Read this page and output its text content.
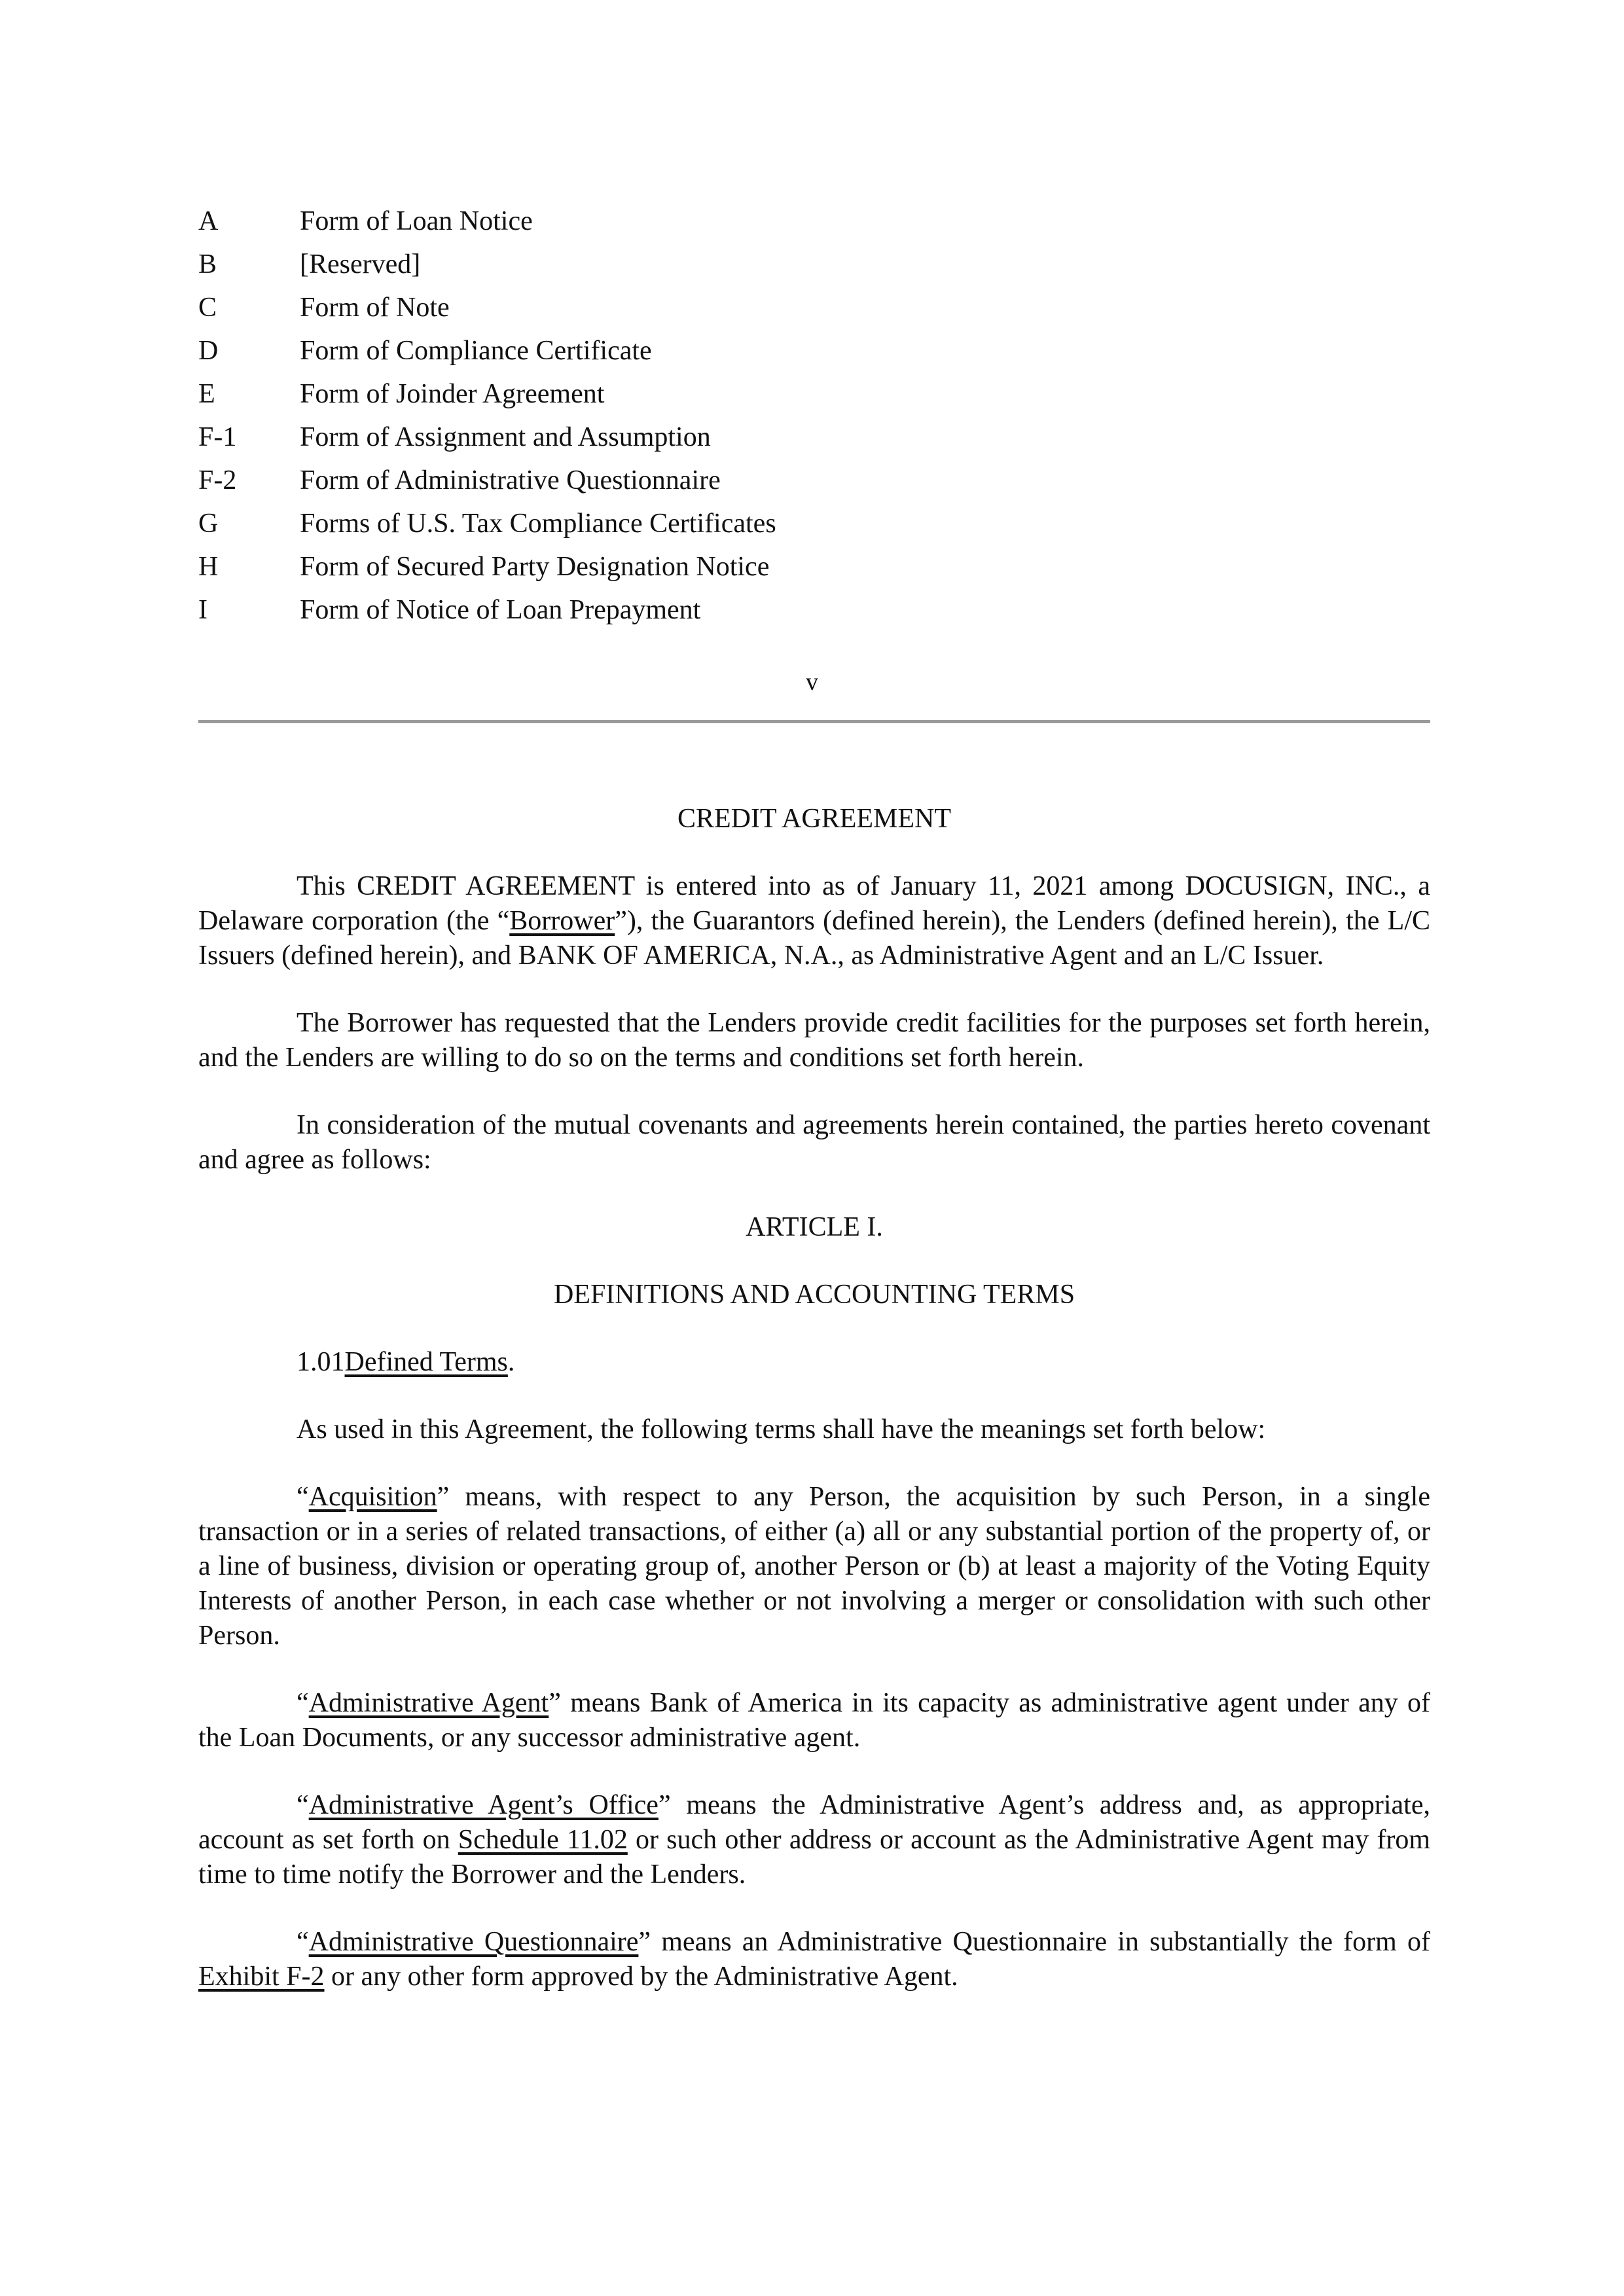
A	Form of Loan Notice
B	[Reserved]
C	Form of Note
D	Form of Compliance Certificate
E	Form of Joinder Agreement
F-1	Form of Assignment and Assumption
F-2	Form of Administrative Questionnaire
G	Forms of U.S. Tax Compliance Certificates
H	Form of Secured Party Designation Notice
I	Form of Notice of Loan Prepayment
v
CREDIT AGREEMENT

This CREDIT AGREEMENT is entered into as of January 11, 2021 among DOCUSIGN, INC., a Delaware corporation (the “Borrower”), the Guarantors (defined herein), the Lenders (defined herein), the L/C Issuers (defined herein), and BANK OF AMERICA, N.A., as Administrative Agent and an L/C Issuer.

The Borrower has requested that the Lenders provide credit facilities for the purposes set forth herein, and the Lenders are willing to do so on the terms and conditions set forth herein.

In consideration of the mutual covenants and agreements herein contained, the parties hereto covenant and agree as follows:

ARTICLE I.
DEFINITIONS AND ACCOUNTING TERMS

1.01Defined Terms.

As used in this Agreement, the following terms shall have the meanings set forth below:

“Acquisition” means, with respect to any Person, the acquisition by such Person, in a single transaction or in a series of related transactions, of either (a) all or any substantial portion of the property of, or a line of business, division or operating group of, another Person or (b) at least a majority of the Voting Equity Interests of another Person, in each case whether or not involving a merger or consolidation with such other Person.

“Administrative Agent” means Bank of America in its capacity as administrative agent under any of the Loan Documents, or any successor administrative agent.

“Administrative Agent’s Office” means the Administrative Agent’s address and, as appropriate, account as set forth on Schedule 11.02 or such other address or account as the Administrative Agent may from time to time notify the Borrower and the Lenders.

“Administrative Questionnaire” means an Administrative Questionnaire in substantially the form of Exhibit F-2 or any other form approved by the Administrative Agent.
